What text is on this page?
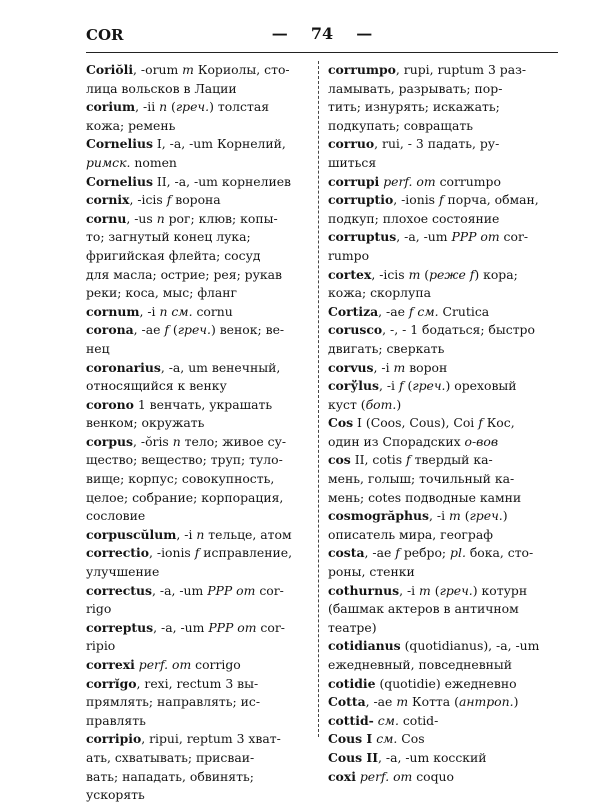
COR	— 74 —
Coriŏli, -orum m Кориолы, сто-
лица вольсков в Лации
corium, -ii n (греч.) толстая
кожа; ремень
Cornelius I, -a, -um Корнелий,
римск. nomen
Cornelius II, -a, -um корнелиев
cornix, -icis f ворона
cornu, -us n рог; клюв; копы-
то; загнутый конец лука;
фригийская флейта; сосуд
для масла; острие; рея; рукав
реки; коса, мыс; фланг
cornum, -i n см. cornu
corona, -ae f (греч.) венок; ве-
нец
coronarius, -a, um венечный,
относящийся к венку
corono 1 венчать, украшать
венком; окружать
corpus, -ŏris n тело; живое су-
щество; вещество; труп; туло-
вище; корпус; совокупность,
целое; собрание; корпорация,
сословие
corpuscŭlum, -i n тельце, атом
correctio, -ionis f исправление,
улучшение
correctus, -a, -um PPP от cor-
rigo
correptus, -a, -um PPP от cor-
ripio
correxi perf. от corrigo
corrĭgo, rexi, rectum 3 вы-
прямлять; направлять; ис-
правлять
corripio, ripui, reptum 3 хват-
ать, схватывать; присваи-
вать; нападать, обвинять;
ускорять
corrumpo, rupi, ruptum 3 раз-
ламывать, разрывать; пор-
тить; изнурять; искажать;
подкупать; совращать
corruo, rui, - 3 падать, ру-
шиться
corrupi perf. от corrumpo
corruptio, -ionis f порча, обман,
подкуп; плохое состояние
corruptus, -a, -um PPP от cor-
rumpo
cortex, -icis m (реже f) кора;
кожа; скорлупа
Cortiza, -ae f см. Crutica
corusco, -, - 1 бодаться; быстро
двигать; сверкать
corvus, -i m ворон
corўlus, -i f (греч.) ореховый
куст (бот.)
Cos I (Coos, Cous), Coi f Кос,
один из Спорадских о-вов
cos II, cotis f твердый ка-
мень, голыш; точильный ка-
мень; cotes подводные камни
cosmogrăphus, -i m (греч.)
описатель мира, географ
costa, -ae f ребро; pl. бока, сто-
роны, стенки
cothurnus, -i m (греч.) котурн
(башмак актеров в античном
театре)
cotidianus (quotidianus), -a, -um
ежедневный, повседневный
cotidie (quotidie) ежедневно
Cotta, -ae m Котта (антроп.)
cottid- см. cotid-
Cous I см. Cos
Cous II, -a, -um косский
coxi perf. от coquo
